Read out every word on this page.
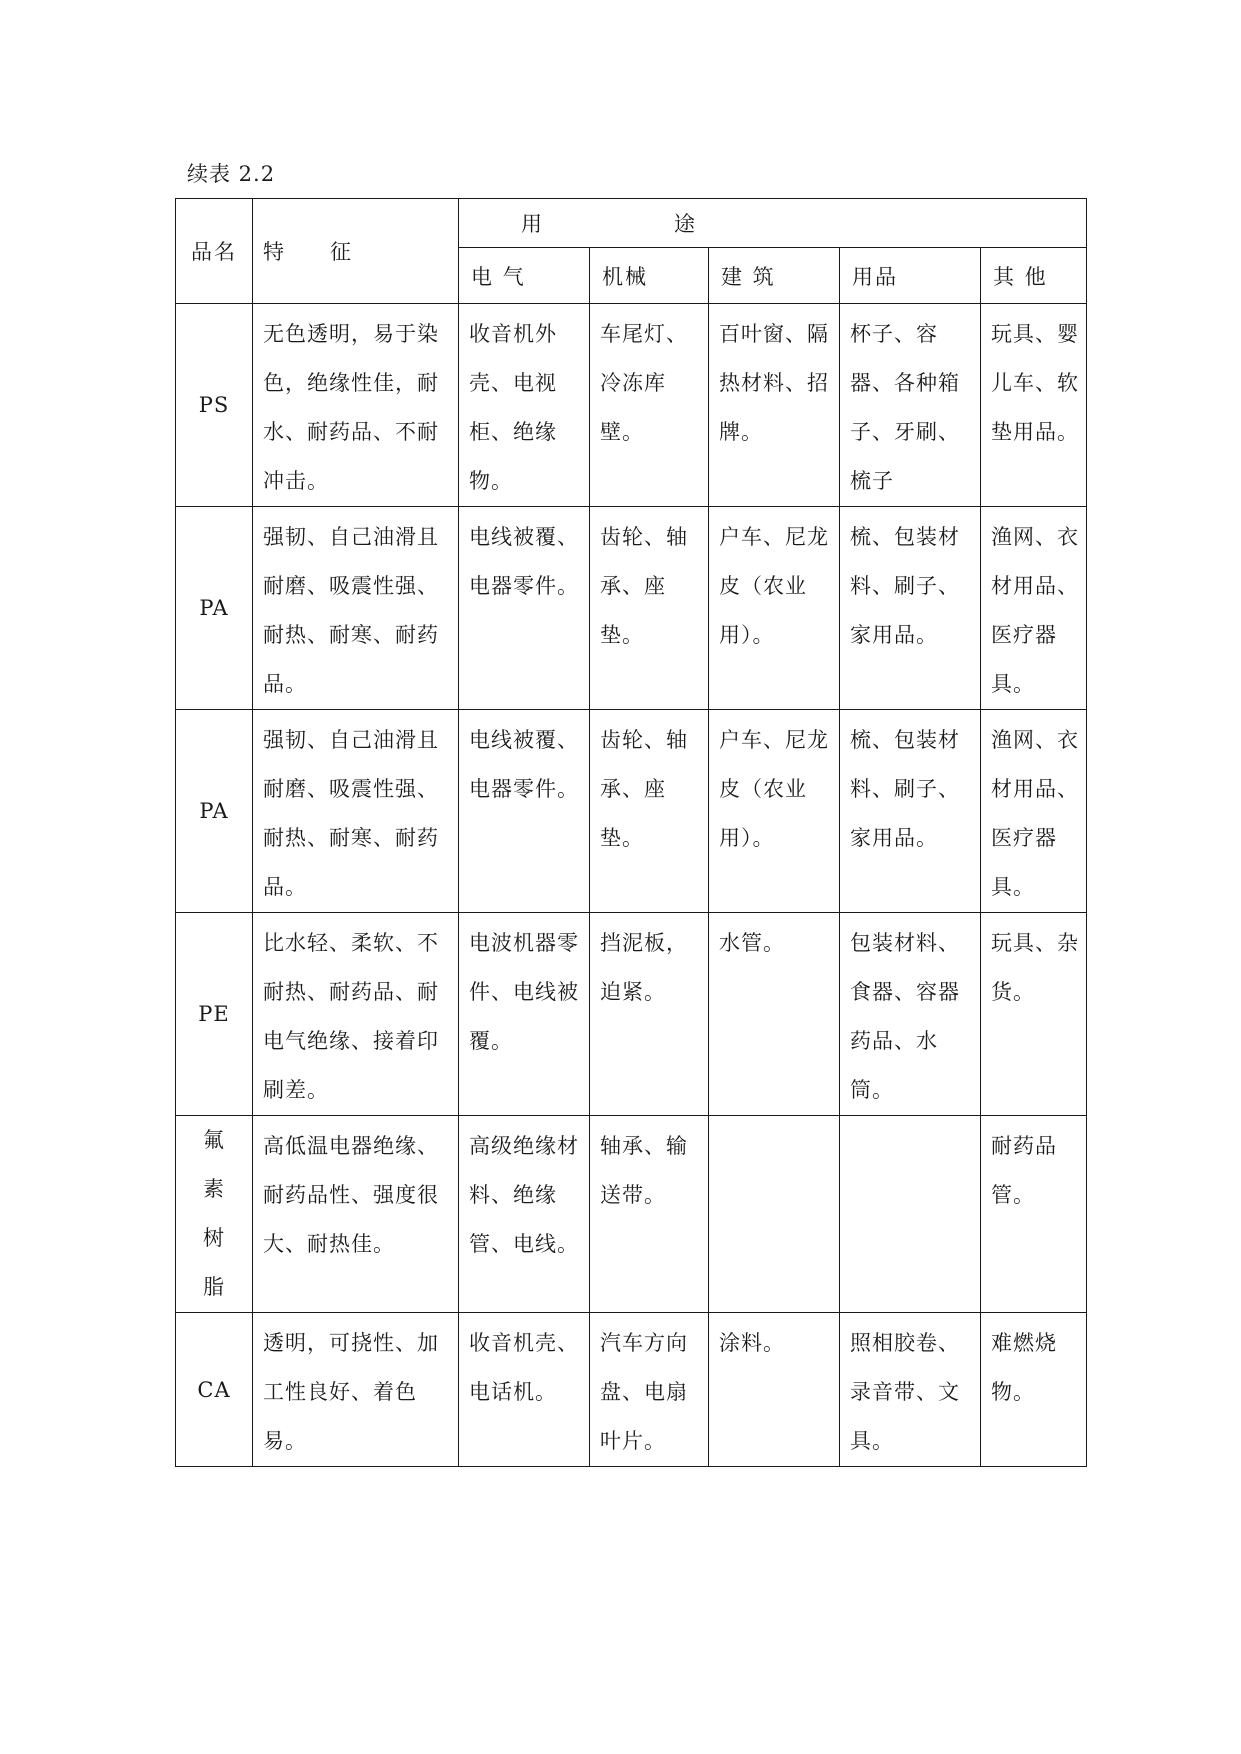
续表 2.2
品名	特 征	用 途				
		电 气	机械	建 筑	用品	其 他
PS	无色透明，易于染色，绝缘性佳，耐水、耐药品、不耐冲击。	收音机外壳、电视柜、绝缘物。	车尾灯、冷冻库壁。	百叶窗、隔热材料、招牌。	杯子、容器、各种箱子、牙刷、梳子	玩具、婴儿车、软垫用品。
PA	强韧、自己油滑且耐磨、吸震性强、耐热、耐寒、耐药品。	电线被覆、电器零件。	齿轮、轴承、座垫。	户车、尼龙皮（农业用）。	梳、包装材料、刷子、家用品。	渔网、衣材用品、医疗器具。
PA	强韧、自己油滑且耐磨、吸震性强、耐热、耐寒、耐药品。	电线被覆、电器零件。	齿轮、轴承、座垫。	户车、尼龙皮（农业用）。	梳、包装材料、刷子、家用品。	渔网、衣材用品、医疗器具。
PE	比水轻、柔软、不耐热、耐药品、耐电气绝缘、接着印刷差。	电波机器零件、电线被覆。	挡泥板，迫紧。	水管。	包装材料、食器、容器药品、水筒。	玩具、杂货。
氟素树脂	高低温电器绝缘、耐药品性、强度很大、耐热佳。	高级绝缘材料、绝缘管、电线。	轴承、输送带。			耐药品管。
CA	透明，可挠性、加工性良好、着色易。	收音机壳、电话机。	汽车方向盘、电扇叶片。	涂料。	照相胶卷、录音带、文具。	难燃烧物。
